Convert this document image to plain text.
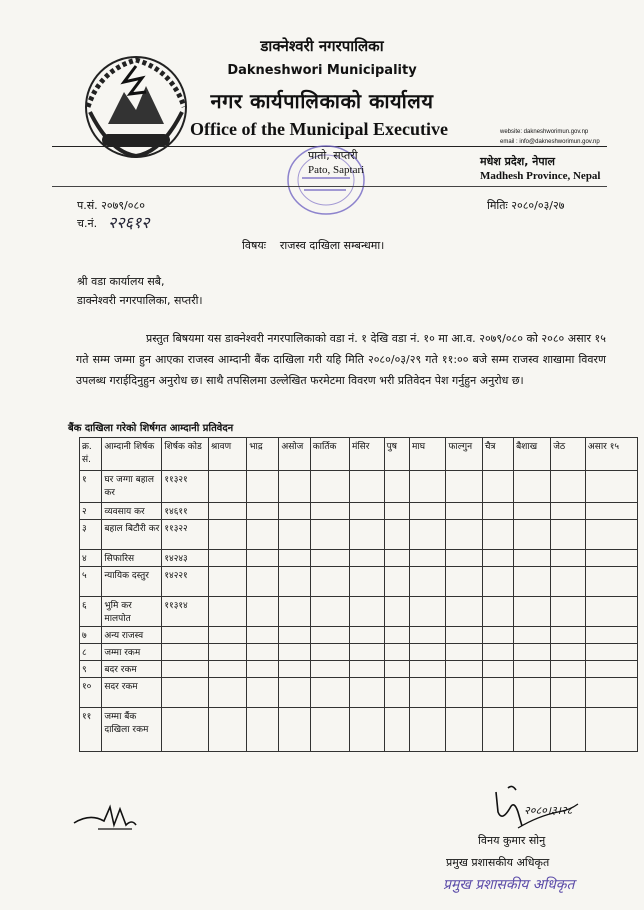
डाक्नेश्वरी नगरपालिका
Dakneshwori Municipality
नगर कार्यपालिकाको कार्यालय
Office of the Municipal Executive	website: dakneshworimun.gov.np
email : info@dakneshworimun.gov.np
पातो, सप्तरी
Pato, Saptari
मधेश प्रदेश, नेपाल
Madhesh Province, Nepal
प.सं. २०७९/०८०
च.नं. २२६१२
मितिः २०८०/०३/२७
विषयः    राजस्व दाखिला सम्बन्धमा।
श्री वडा कार्यालय सबै,
डाक्नेश्वरी नगरपालिका, सप्तरी।
प्रस्तुत बिषयमा यस डाक्नेश्वरी नगरपालिकाको वडा नं. १ देखि वडा नं. १० मा आ.व. २०७९/०८० को २०८० असार १५ गते सम्म जम्मा हुन आएका राजस्व आम्दानी बैंक दाखिला गरी यहि मिति २०८०/०३/२९ गते ११:०० बजे सम्म राजस्व शाखामा विवरण उपलब्ध गराईदिनुहुन अनुरोध छ। साथै तपसिलमा उल्लेखित फरमेटमा विवरण भरी प्रतिवेदन पेश गर्नुहुन अनुरोध छ।
बैंक दाखिला गरेको शिर्षगत आम्दानी प्रतिवेदन
क्र. सं.	आम्दानी शिर्षक	शिर्षक कोड	श्रावण	भाद्र	असोज	कार्तिक	मंसिर	पुष	माघ	फाल्गुन	चैत्र	बैशाख	जेठ	असार १५
१	घर जग्गा बहाल कर	११३२१												
२	व्यवसाय कर	१४६११												
३	बहाल बिटौरी कर	११३२२												
४	सिफारिस	१४२४३												
५	न्यायिक दस्तुर	१४२२१												
६	भुमि कर मालपोत	११३१४												
७	अन्य राजस्व													
८	जम्मा रकम													
९	बदर रकम													
१०	सदर रकम													
११	जम्मा बैंक दाखिला रकम													
२०८०।३।२८
विनय कुमार सोनु
प्रमुख प्रशासकीय अधिकृत
प्रमुख प्रशासकीय अधिकृत
